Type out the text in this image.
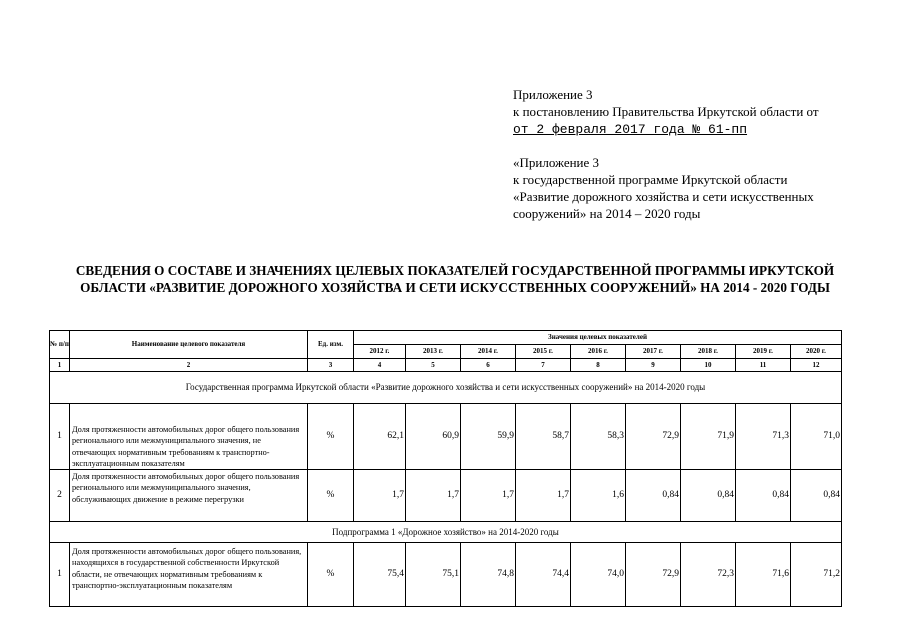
Приложение 3
к постановлению Правительства Иркутской области от
от 2 февраля 2017 года № 61-пп
«Приложение 3
к государственной программе Иркутской области
«Развитие дорожного хозяйства и сети искусственных
сооружений» на 2014 – 2020 годы
СВЕДЕНИЯ О СОСТАВЕ И ЗНАЧЕНИЯХ ЦЕЛЕВЫХ ПОКАЗАТЕЛЕЙ ГОСУДАРСТВЕННОЙ ПРОГРАММЫ ИРКУТСКОЙ
ОБЛАСТИ «РАЗВИТИЕ ДОРОЖНОГО ХОЗЯЙСТВА И СЕТИ ИСКУССТВЕННЫХ СООРУЖЕНИЙ» НА 2014 - 2020 ГОДЫ
№ п/п	Наименование целевого показателя	Ед. изм.	Значения целевых показателей								
			2012 г.	2013 г.	2014 г.	2015 г.	2016 г.	2017 г.	2018 г.	2019 г.	2020 г.
1	2	3	4	5	6	7	8	9	10	11	12
Государственная программа Иркутской области «Развитие дорожного хозяйства и сети искусственных сооружений» на 2014-2020 годы											
1	Доля протяженности автомобильных дорог общего пользования регионального или межмуниципального значения, не отвечающих нормативным требованиям к транспортно-эксплуатационным показателям	%	62,1	60,9	59,9	58,7	58,3	72,9	71,9	71,3	71,0
2	Доля протяженности автомобильных дорог общего пользования регионального или межмуниципального значения, обслуживающих движение в режиме перегрузки	%	1,7	1,7	1,7	1,7	1,6	0,84	0,84	0,84	0,84
Подпрограмма 1 «Дорожное хозяйство» на 2014-2020 годы											
1	Доля протяженности автомобильных дорог общего пользования, находящихся в государственной собственности Иркутской области, не отвечающих нормативным требованиям к транспортно-эксплуатационным показателям	%	75,4	75,1	74,8	74,4	74,0	72,9	72,3	71,6	71,2
